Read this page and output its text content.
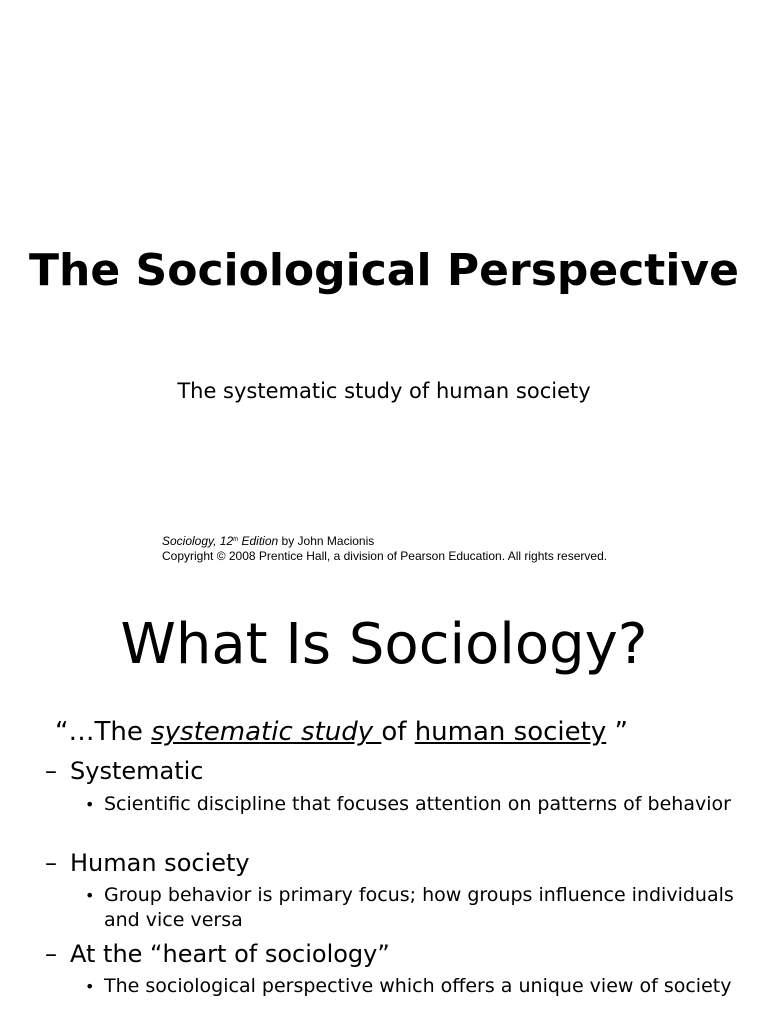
The Sociological Perspective
The systematic study of human society
Sociology, 12th Edition by John Macionis
Copyright © 2008 Prentice Hall, a division of Pearson Education. All rights reserved.
What Is Sociology?
“…The systematic study of human society ”
– Systematic
• Scientific discipline that focuses attention on patterns of behavior
– Human society
• Group behavior is primary focus; how groups influence individuals and vice versa
– At the “heart of sociology”
• The sociological perspective which offers a unique view of society
